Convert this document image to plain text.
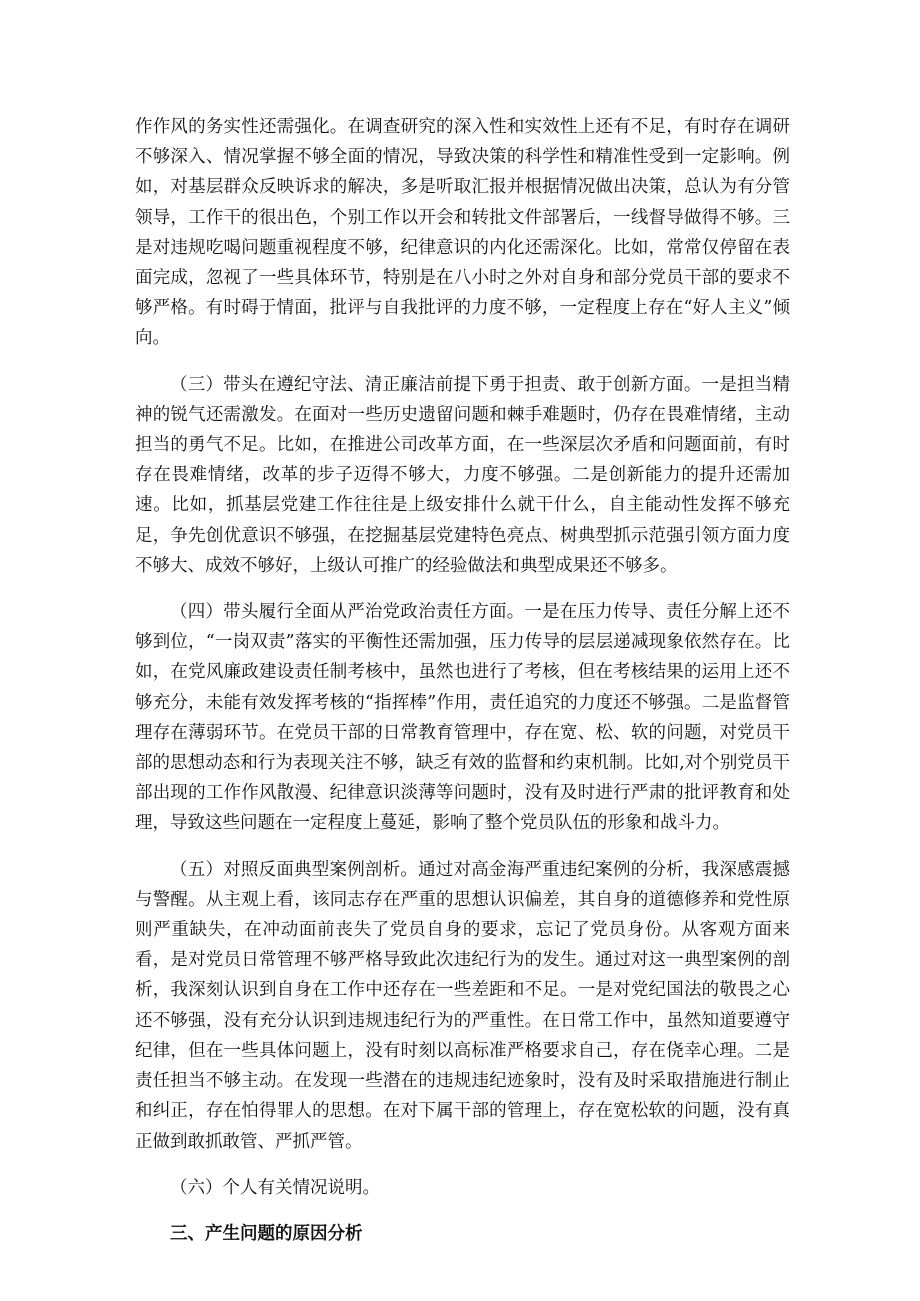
作作风的务实性还需强化。在调查研究的深入性和实效性上还有不足，有时存在调研不够深入、情况掌握不够全面的情况，导致决策的科学性和精准性受到一定影响。例如，对基层群众反映诉求的解决，多是听取汇报并根据情况做出决策，总认为有分管领导，工作干的很出色，个别工作以开会和转批文件部署后，一线督导做得不够。三是对违规吃喝问题重视程度不够，纪律意识的内化还需深化。比如，常常仅停留在表面完成，忽视了一些具体环节，特别是在八小时之外对自身和部分党员干部的要求不够严格。有时碍于情面，批评与自我批评的力度不够，一定程度上存在“好人主义”倾向。

（三）带头在遵纪守法、清正廉洁前提下勇于担责、敢于创新方面。一是担当精神的锐气还需激发。在面对一些历史遗留问题和棘手难题时，仍存在畏难情绪，主动担当的勇气不足。比如，在推进公司改革方面，在一些深层次矛盾和问题面前，有时存在畏难情绪，改革的步子迈得不够大，力度不够强。二是创新能力的提升还需加速。比如，抓基层党建工作往往是上级安排什么就干什么，自主能动性发挥不够充足，争先创优意识不够强，在挖掘基层党建特色亮点、树典型抓示范强引领方面力度不够大、成效不够好，上级认可推广的经验做法和典型成果还不够多。

（四）带头履行全面从严治党政治责任方面。一是在压力传导、责任分解上还不够到位，“一岗双责”落实的平衡性还需加强，压力传导的层层递减现象依然存在。比如，在党风廉政建设责任制考核中，虽然也进行了考核，但在考核结果的运用上还不够充分，未能有效发挥考核的“指挥棒”作用，责任追究的力度还不够强。二是监督管理存在薄弱环节。在党员干部的日常教育管理中，存在宽、松、软的问题，对党员干部的思想动态和行为表现关注不够，缺乏有效的监督和约束机制。比如,对个别党员干部出现的工作作风散漫、纪律意识淡薄等问题时，没有及时进行严肃的批评教育和处理，导致这些问题在一定程度上蔓延，影响了整个党员队伍的形象和战斗力。

（五）对照反面典型案例剖析。通过对高金海严重违纪案例的分析，我深感震撼与警醒。从主观上看，该同志存在严重的思想认识偏差，其自身的道德修养和党性原则严重缺失，在冲动面前丧失了党员自身的要求，忘记了党员身份。从客观方面来看，是对党员日常管理不够严格导致此次违纪行为的发生。通过对这一典型案例的剖析，我深刻认识到自身在工作中还存在一些差距和不足。一是对党纪国法的敬畏之心还不够强，没有充分认识到违规违纪行为的严重性。在日常工作中，虽然知道要遵守纪律，但在一些具体问题上，没有时刻以高标准严格要求自己，存在侥幸心理。二是责任担当不够主动。在发现一些潜在的违规违纪迹象时，没有及时采取措施进行制止和纠正，存在怕得罪人的思想。在对下属干部的管理上，存在宽松软的问题，没有真正做到敢抓敢管、严抓严管。

（六）个人有关情况说明。

三、产生问题的原因分析
